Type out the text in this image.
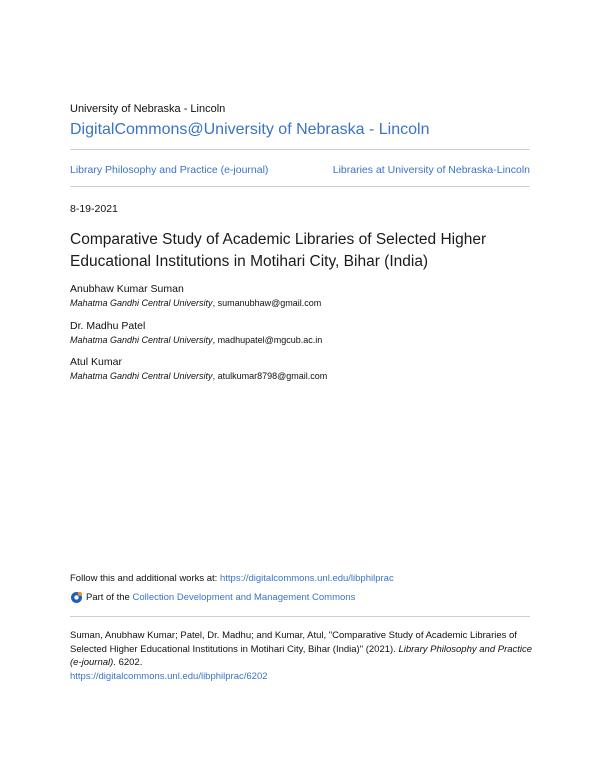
University of Nebraska - Lincoln
DigitalCommons@University of Nebraska - Lincoln
Library Philosophy and Practice (e-journal)	Libraries at University of Nebraska-Lincoln
8-19-2021
Comparative Study of Academic Libraries of Selected Higher Educational Institutions in Motihari City, Bihar (India)
Anubhaw Kumar Suman
Mahatma Gandhi Central University, sumanubhaw@gmail.com
Dr. Madhu Patel
Mahatma Gandhi Central University, madhupatel@mgcub.ac.in
Atul Kumar
Mahatma Gandhi Central University, atulkumar8798@gmail.com
Follow this and additional works at: https://digitalcommons.unl.edu/libphilprac
Part of the
Collection Development and Management Commons
Suman, Anubhaw Kumar; Patel, Dr. Madhu; and Kumar, Atul, "Comparative Study of Academic Libraries of Selected Higher Educational Institutions in Motihari City, Bihar (India)" (2021). Library Philosophy and Practice (e-journal). 6202.
https://digitalcommons.unl.edu/libphilprac/6202
